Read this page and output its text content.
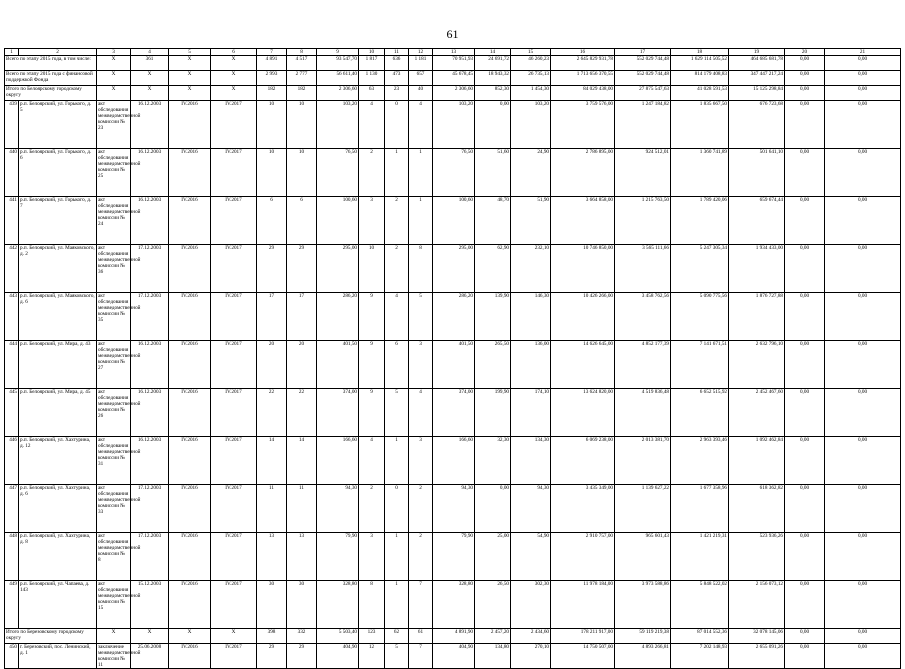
61
1	2	3	4	5	6	7	8	9	10	11	12	13	14	15	16	17	18	19	20	21
Всего по этапу 2015 года, в том числе:		X	361	X	X	4 891	4 517	93 547,70	1 817	636	1 181	70 951,93	24 691,72	46 260,23	2 645 829 931,78	552 029 744,48	1 629 114 505,52	464 685 681,78	0,00	0,00
Всего по этапу 2015 года с финансовой поддержкой Фонда		X	X	X	X	2 993	2 777	56 611,40	1 130	473	657	45 678,45	18 943,32	26 735,13	1 713 656 370,55	552 029 744,48	814 179 408,83	347 447 217,24	0,00	0,00
Итого по Белоярскому городскому округу		X	X	X	X	182	182	2 306,60	63	23	40	2 306,60	852,30	1 454,30	84 029 438,00	27 875 547,63	41 028 591,53	15 125 298,84	0,00	0,00
439	р.п. Белоярский, ул. Горького, д. 5	акт обследования межведомственной комиссии № 23	16.12.2003	IV.2016	IV.2017	10	10	103,20	4	0	4	103,20	0,00	103,20	3 759 576,00	1 247 184,82	1 835 667,50	676 723,68	0,00	0,00
440	р.п. Белоярский, ул. Горького, д. 6	акт обследования межведомственной комиссии № 25	16.12.2003	IV.2016	IV.2017	10	10	76,50	2	1	1	76,50	51,60	24,90	2 786 895,00	924 512,01	1 360 741,89	501 641,10	0,00	0,00
441	р.п. Белоярский, ул. Горького, д. 7	акт обследования межведомственной комиссии № 24	16.12.2003	IV.2016	IV.2017	6	6	100,60	3	2	1	100,60	48,70	51,90	3 664 858,00	1 215 763,50	1 789 420,06	659 674,44	0,00	0,00
442	р.п. Белоярский, ул. Маяковского, д. 2	акт обследования межведомственной комиссии № 36	17.12.2003	IV.2016	IV.2017	29	29	295,00	10	2	8	295,00	62,90	232,10	10 746 850,00	3 565 111,66	5 247 305,34	1 934 433,00	0,00	0,00
443	р.п. Белоярский, ул. Маяковского, д. 6	акт обследования межведомственной комиссии № 35	17.12.2003	IV.2016	IV.2017	17	17	286,20	9	4	5	286,20	139,90	146,30	10 426 266,00	3 458 762,56	5 090 775,56	1 876 727,88	0,00	0,00
444	р.п. Белоярский, ул. Мира, д. 43	акт обследования межведомственной комиссии № 27	16.12.2003	IV.2016	IV.2017	20	20	401,50	9	6	3	401,50	265,50	136,00	14 626 645,00	4 852 177,39	7 141 671,51	2 632 796,10	0,00	0,00
445	р.п. Белоярский, ул. Мира, д. 45	акт обследования межведомственной комиссии № 26	16.12.2003	IV.2016	IV.2017	22	22	374,00	9	5	4	374,00	199,90	174,10	13 624 820,00	4 519 836,48	6 652 515,92	2 452 467,60	0,00	0,00
446	р.п. Белоярский, ул. Хахтурина, д. 12	акт обследования межведомственной комиссии № 31	16.12.2003	IV.2016	IV.2017	14	14	166,60	4	1	3	166,60	32,30	134,30	6 069 238,00	2 013 381,70	2 963 393,46	1 092 462,84	0,00	0,00
447	р.п. Белоярский, ул. Хахтурина, д. 6	акт обследования межведомственной комиссии № 33	17.12.2003	IV.2016	IV.2017	11	11	94,30	2	0	2	94,30	0,00	94,30	3 435 349,00	1 139 627,22	1 677 358,96	618 362,82	0,00	0,00
448	р.п. Белоярский, ул. Хахтурина, д. 8	акт обследования межведомственной комиссии № 8	17.12.2003	IV.2016	IV.2017	13	13	79,90	3	1	2	79,90	25,00	54,90	2 910 757,00	965 601,43	1 421 219,31	523 936,26	0,00	0,00
449	р.п. Белоярский, ул. Чапаева, д. 143	акт обследования межведомственной комиссии № 15	15.12.2003	IV.2016	IV.2017	30	30	328,80	8	1	7	328,80	26,50	302,30	11 978 184,00	3 973 588,86	5 848 522,02	2 156 073,12	0,00	0,00
Итого по Березовскому городскому округу		X	X	X	X	398	332	5 503,40	123	62	61	4 891,90	2 457,20	2 434,60	178 211 917,00	59 119 219,38	87 014 552,36	32 078 145,06	0,00	0,00
450	г. Березовский, пос. Ленинский, д. 1	заключение межведомственной комиссии № 11	25.06.2008	IV.2016	IV.2017	29	29	404,90	12	5	7	404,90	134,80	270,10	14 750 507,00	4 893 266,81	7 202 148,93	2 655 091,26	0,00	0,00
